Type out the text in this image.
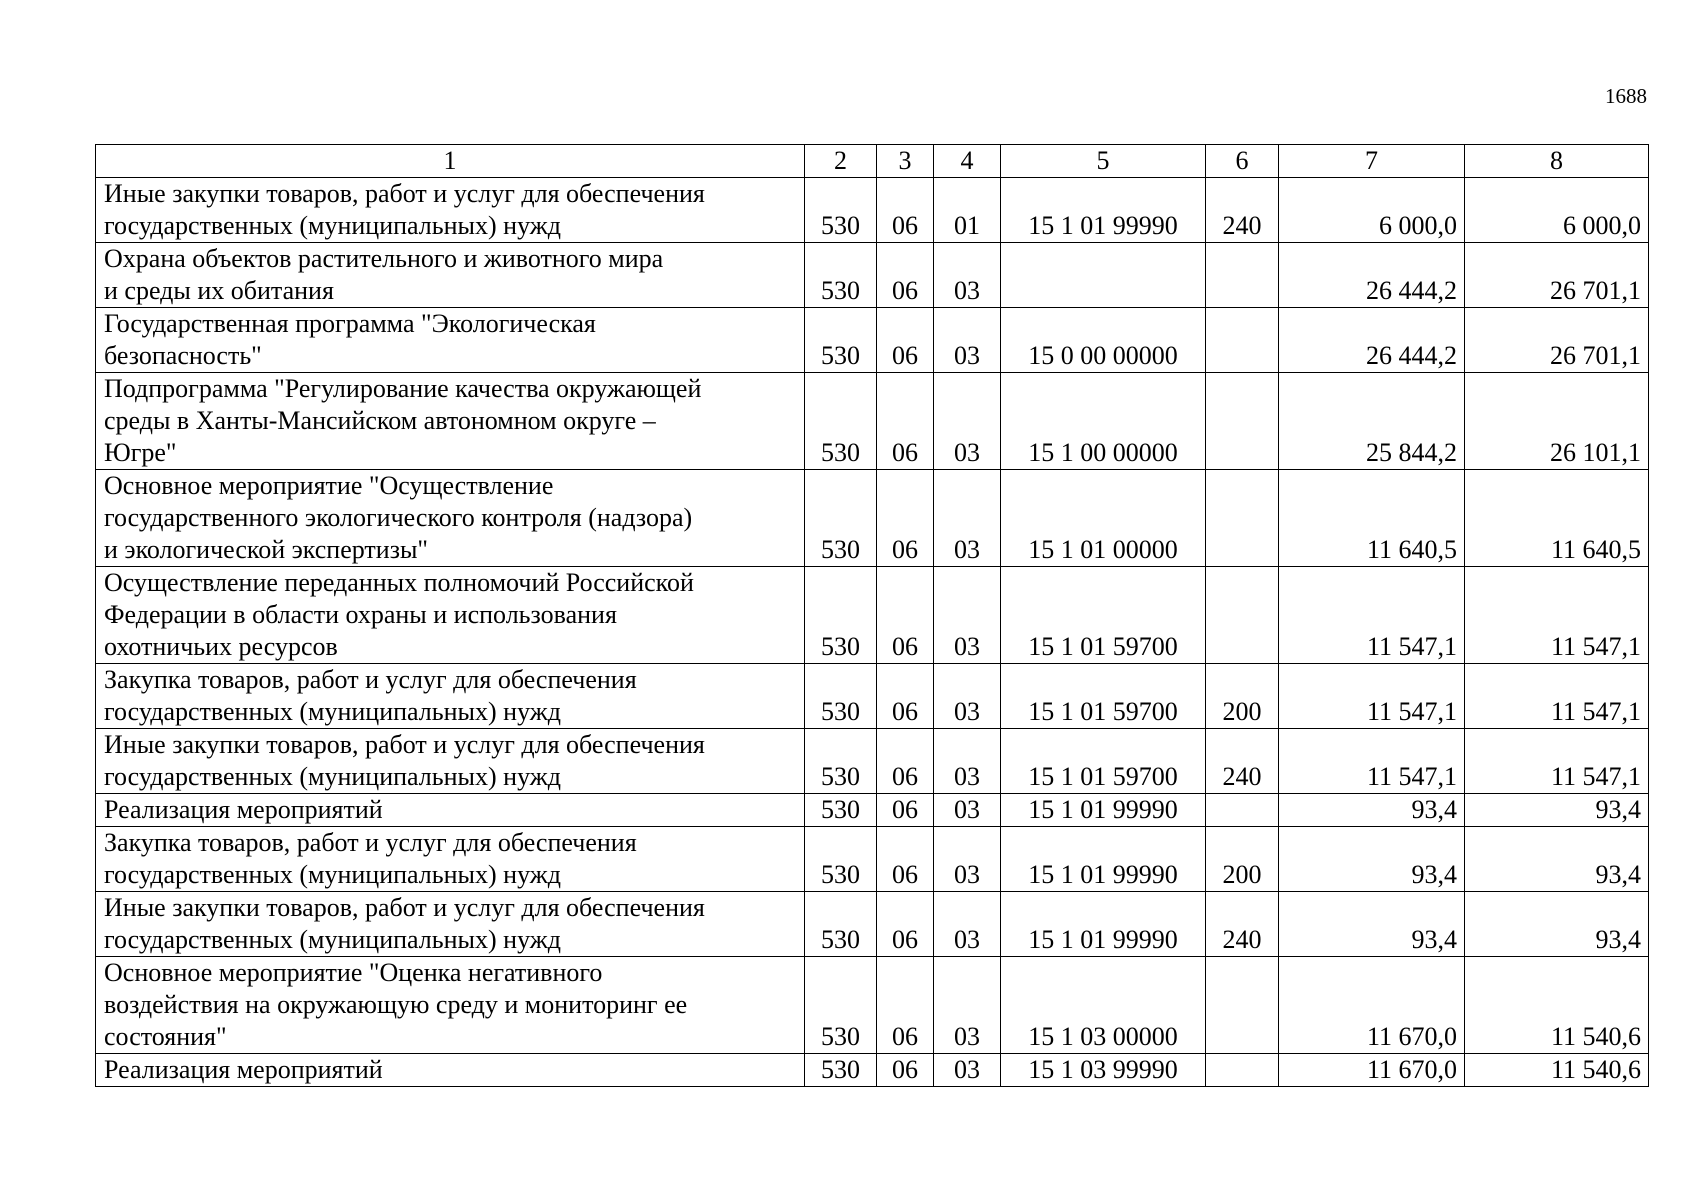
1688
1	2	3	4	5	6	7	8

Иные закупки товаров, работ и услуг для обеспечения
государственных (муниципальных) нужд	530	06	01	15 1 01 99990	240	6 000,0	6 000,0

Охрана объектов растительного и животного мира
и среды их обитания	530	06	03			26 444,2	26 701,1

Государственная программа "Экологическая
безопасность"	530	06	03	15 0 00 00000		26 444,2	26 701,1

Подпрограмма "Регулирование качества окружающей
среды в Ханты-Мансийском автономном округе –
Югре"	530	06	03	15 1 00 00000		25 844,2	26 101,1

Основное мероприятие "Осуществление
государственного экологического контроля (надзора)
и экологической экспертизы"	530	06	03	15 1 01 00000		11 640,5	11 640,5

Осуществление переданных полномочий Российской
Федерации в области охраны и использования
охотничьих ресурсов	530	06	03	15 1 01 59700		11 547,1	11 547,1

Закупка товаров, работ и услуг для обеспечения
государственных (муниципальных) нужд	530	06	03	15 1 01 59700	200	11 547,1	11 547,1

Иные закупки товаров, работ и услуг для обеспечения
государственных (муниципальных) нужд	530	06	03	15 1 01 59700	240	11 547,1	11 547,1

Реализация мероприятий	530	06	03	15 1 01 99990		93,4	93,4

Закупка товаров, работ и услуг для обеспечения
государственных (муниципальных) нужд	530	06	03	15 1 01 99990	200	93,4	93,4

Иные закупки товаров, работ и услуг для обеспечения
государственных (муниципальных) нужд	530	06	03	15 1 01 99990	240	93,4	93,4

Основное мероприятие "Оценка негативного
воздействия на окружающую среду и мониторинг ее
состояния"	530	06	03	15 1 03 00000		11 670,0	11 540,6

Реализация мероприятий	530	06	03	15 1 03 99990		11 670,0	11 540,6
